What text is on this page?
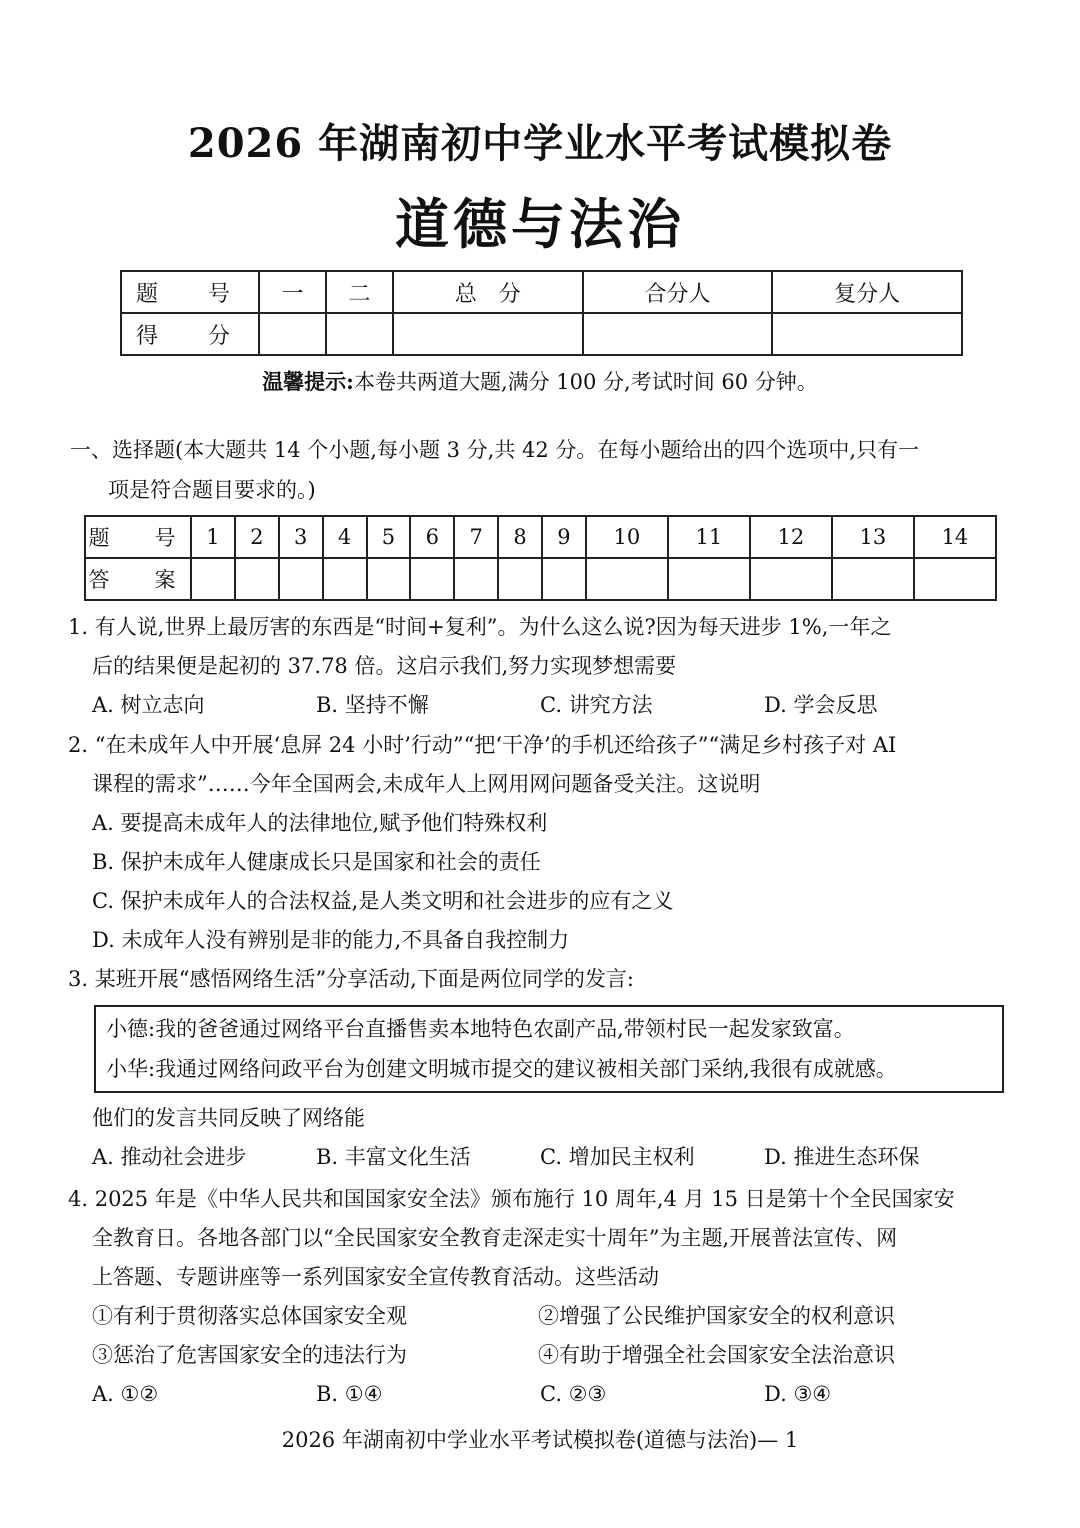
2026 年湖南初中学业水平考试模拟卷
道德与法治
题　号	一	二	总　分	合分人	复分人
得　分					
温馨提示:本卷共两道大题,满分 100 分,考试时间 60 分钟。
一、选择题(本大题共 14 个小题,每小题 3 分,共 42 分。在每小题给出的四个选项中,只有一
项是符合题目要求的。)
题　号	1	2	3	4	5	6	7	8	9	10	11	12	13	14
答　案														
1. 有人说,世界上最厉害的东西是“时间+复利”。为什么这么说?因为每天进步 1%,一年之
后的结果便是起初的 37.78 倍。这启示我们,努力实现梦想需要
A. 树立志向	B. 坚持不懈	C. 讲究方法	D. 学会反思
2. “在未成年人中开展‘息屏 24 小时’行动”“把‘干净’的手机还给孩子”“满足乡村孩子对 AI
课程的需求”……今年全国两会,未成年人上网用网问题备受关注。这说明
A. 要提高未成年人的法律地位,赋予他们特殊权利
B. 保护未成年人健康成长只是国家和社会的责任
C. 保护未成年人的合法权益,是人类文明和社会进步的应有之义
D. 未成年人没有辨别是非的能力,不具备自我控制力
3. 某班开展“感悟网络生活”分享活动,下面是两位同学的发言:
小德:我的爸爸通过网络平台直播售卖本地特色农副产品,带领村民一起发家致富。
小华:我通过网络问政平台为创建文明城市提交的建议被相关部门采纳,我很有成就感。
他们的发言共同反映了网络能
A. 推动社会进步	B. 丰富文化生活	C. 增加民主权利	D. 推进生态环保
4. 2025 年是《中华人民共和国国家安全法》颁布施行 10 周年,4 月 15 日是第十个全民国家安
全教育日。各地各部门以“全民国家安全教育走深走实十周年”为主题,开展普法宣传、网
上答题、专题讲座等一系列国家安全宣传教育活动。这些活动
①有利于贯彻落实总体国家安全观	②增强了公民维护国家安全的权利意识
③惩治了危害国家安全的违法行为	④有助于增强全社会国家安全法治意识
A. ①②	B. ①④	C. ②③	D. ③④
2026 年湖南初中学业水平考试模拟卷(道德与法治)— 1
